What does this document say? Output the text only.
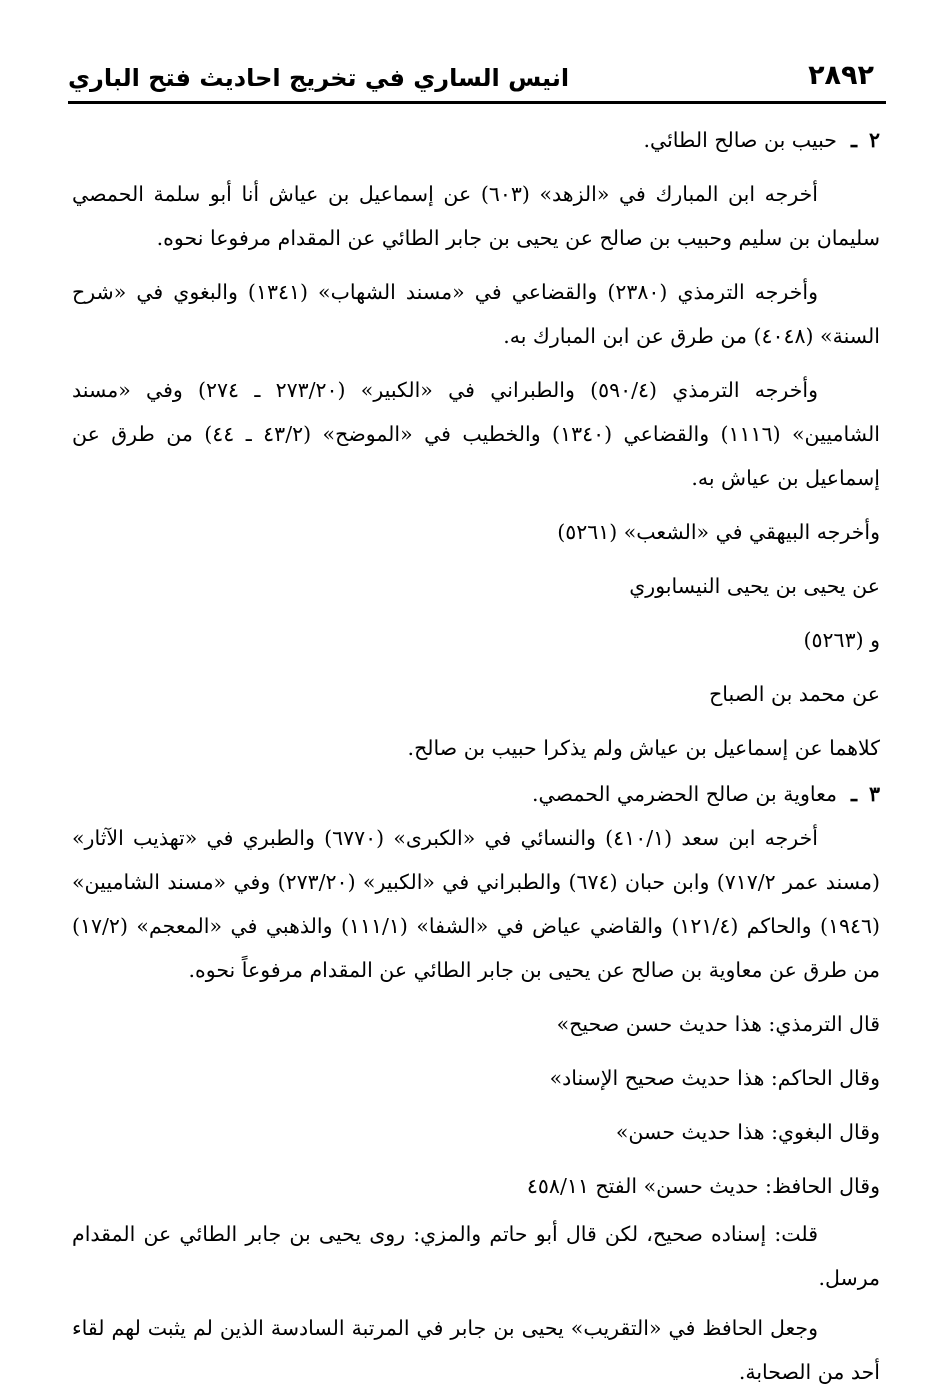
٢٨٩٢
انيس الساري في تخريج احاديث فتح الباري

٢ـحبيب بن صالح الطائي.

أخرجه ابن المبارك في «الزهد» (٦٠٣) عن إسماعيل بن عياش أنا أبو سلمة الحمصي سليمان بن سليم وحبيب بن صالح عن يحيى بن جابر الطائي عن المقدام مرفوعا نحوه.

وأخرجه الترمذي (٢٣٨٠) والقضاعي في «مسند الشهاب» (١٣٤١) والبغوي في «شرح السنة» (٤٠٤٨) من طرق عن ابن المبارك به.

وأخرجه الترمذي (٥٩٠/٤) والطبراني في «الكبير» (٢٧٣/٢٠ ـ ٢٧٤) وفي «مسند الشاميين» (١١١٦) والقضاعي (١٣٤٠) والخطيب في «الموضح» (٤٣/٢ ـ ٤٤) من طرق عن إسماعيل بن عياش به.

وأخرجه البيهقي في «الشعب» (٥٢٦١)

عن يحيى بن يحيى النيسابوري

و (٥٢٦٣)

عن محمد بن الصباح

كلاهما عن إسماعيل بن عياش ولم يذكرا حبيب بن صالح.

٣ـمعاوية بن صالح الحضرمي الحمصي.

أخرجه ابن سعد (٤١٠/١) والنسائي في «الكبرى» (٦٧٧٠) والطبري في «تهذيب الآثار» (مسند عمر ٧١٧/٢) وابن حبان (٦٧٤) والطبراني في «الكبير» (٢٧٣/٢٠) وفي «مسند الشاميين» (١٩٤٦) والحاكم (١٢١/٤) والقاضي عياض في «الشفا» (١١١/١) والذهبي في «المعجم» (١٧/٢) من طرق عن معاوية بن صالح عن يحيى بن جابر الطائي عن المقدام مرفوعاً نحوه.

قال الترمذي: هذا حديث حسن صحيح»

وقال الحاكم: هذا حديث صحيح الإسناد»

وقال البغوي: هذا حديث حسن»

وقال الحافظ: حديث حسن» الفتح ٤٥٨/١١

قلت: إسناده صحيح، لكن قال أبو حاتم والمزي: روى يحيى بن جابر الطائي عن المقدام مرسل.

وجعل الحافظ في «التقريب» يحيى بن جابر في المرتبة السادسة الذين لم يثبت لهم لقاء أحد من الصحابة.
